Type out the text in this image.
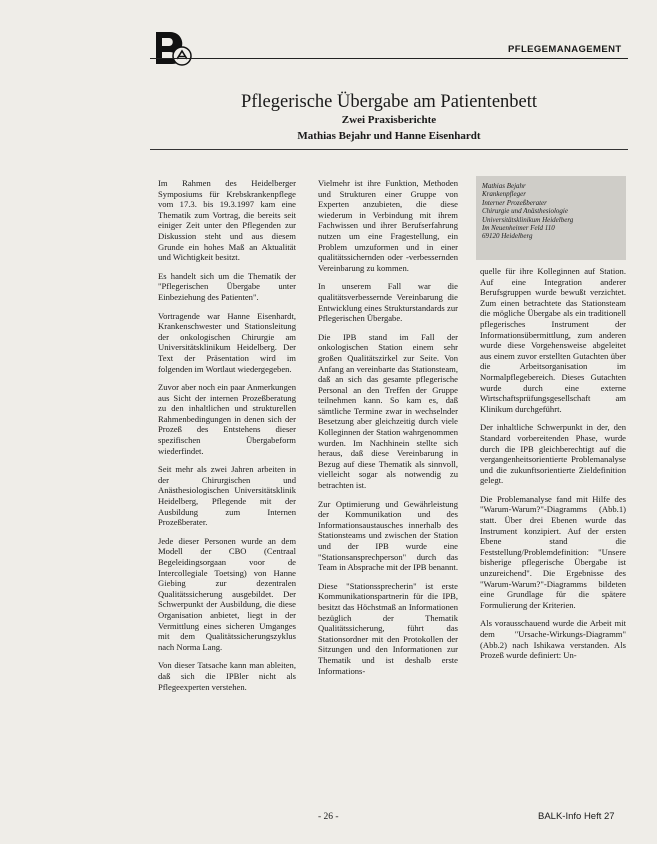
PFLEGEMANAGEMENT
Pflegerische Übergabe am Patientenbett
Zwei Praxisberichte
Mathias Bejahr und Hanne Eisenhardt

Im Rahmen des Heidelberger Symposiums für Krebskrankenpflege vom 17.3. bis 19.3.1997 kam eine Thematik zum Vortrag, die bereits seit einiger Zeit unter den Pflegenden zur Diskussion steht und aus diesem Grunde ein hohes Maß an Aktualität und Wichtigkeit besitzt.

Es handelt sich um die Thematik der "Pflegerischen Übergabe unter Einbeziehung des Patienten".

Vortragende war Hanne Eisenhardt, Krankenschwester und Stationsleitung der onkologischen Chirurgie am Universitätsklinikum Heidelberg. Der Text der Präsentation wird im folgenden im Wortlaut wiedergegeben.

Zuvor aber noch ein paar Anmerkungen aus Sicht der internen Prozeßberatung zu den inhaltlichen und strukturellen Rahmenbedingungen in denen sich der Prozeß des Entstehens dieser spezifischen Übergabeform wiederfindet.

Seit mehr als zwei Jahren arbeiten in der Chirurgischen und Anästhesiologischen Universitätsklinik Heidelberg, Pflegende mit der Ausbildung zum Internen Prozeßberater.

Jede dieser Personen wurde an dem Modell der CBO (Centraal Begeleidingsorgaan voor de Intercollegiale Toetsing) von Hanne Giebing zur dezentralen Qualitätssicherung ausgebildet. Der Schwerpunkt der Ausbildung, die diese Organisation anbietet, liegt in der Vermittlung eines sicheren Umganges mit dem Qualitätssicherungszyklus nach Norma Lang.

Von dieser Tatsache kann man ableiten, daß sich die IPBler nicht als Pflegeexperten verstehen.

Vielmehr ist ihre Funktion, Methoden und Strukturen einer Gruppe von Experten anzubieten, die diese wiederum in Verbindung mit ihrem Fachwissen und ihrer Berufserfahrung nutzen um eine Fragestellung, ein Problem umzuformen und in einer qualitätssichernden oder -verbessernden Vereinbarung zu kommen.

In unserem Fall war die qualitätsverbessernde Vereinbarung die Entwicklung eines Strukturstandards zur Pflegerischen Übergabe.

Die IPB stand im Fall der onkologischen Station einem sehr großen Qualitätszirkel zur Seite. Von Anfang an vereinbarte das Stationsteam, daß an sich das gesamte pflegerische Personal an den Treffen der Gruppe teilnehmen kann. So kam es, daß sämtliche Termine zwar in wechselnder Besetzung aber gleichzeitig durch viele Kolleginnen der Station wahrgenommen wurden. Im Nachhinein stellte sich heraus, daß diese Vereinbarung in Bezug auf diese Thematik als sinnvoll, vielleicht sogar als notwendig zu betrachten ist.

Zur Optimierung und Gewährleistung der Kommunikation und des Informationsaustausches innerhalb des Stationsteams und zwischen der Station und der IPB wurde eine "Stationsansprechperson" durch das Team in Absprache mit der IPB benannt.

Diese "Stationssprecherin" ist erste Kommunikationspartnerin für die IPB, besitzt das Höchstmaß an Informationen bezüglich der Thematik Qualitätssicherung, führt das Stationsordner mit den Protokollen der Sitzungen und den Informationen zur Thematik und ist deshalb erste Informations-

Mathias Bejahr
Krankenpfleger
Interner Prozeßberater
Chirurgie und Anästhesiologie
Universitätsklinikum Heidelberg
Im Neuenheimer Feld 110
69120 Heidelberg

quelle für ihre Kolleginnen auf Station. Auf eine Integration anderer Berufsgruppen wurde bewußt verzichtet. Zum einen betrachtete das Stationsteam die mögliche Übergabe als ein traditionell pflegerisches Instrument der Informationsübermittlung, zum anderen wurde diese Vorgehensweise abgeleitet aus einem zuvor erstellten Gutachten über die Arbeitsorganisation im Normalpflegebereich. Dieses Gutachten wurde durch eine externe Wirtschaftsprüfungsgesellschaft am Klinikum durchgeführt.

Der inhaltliche Schwerpunkt in der, den Standard vorbereitenden Phase, wurde durch die IPB gleichberechtigt auf die vergangenheitsorientierte Problemanalyse und die zukunftsorientierte Zieldefinition gelegt.

Die Problemanalyse fand mit Hilfe des "Warum-Warum?"-Diagramms (Abb.1) statt. Über drei Ebenen wurde das Instrument konzipiert. Auf der ersten Ebene stand die Feststellung/Problemdefinition: "Unsere bisherige pflegerische Übergabe ist unzureichend". Die Ergebnisse des "Warum-Warum?"-Diagramms bildeten eine Grundlage für die spätere Formulierung der Kriterien.

Als vorausschauend wurde die Arbeit mit dem "Ursache-Wirkungs-Diagramm" (Abb.2) nach Ishikawa verstanden. Als Prozeß wurde definiert: Un-

- 26 -	BALK-Info Heft 27
